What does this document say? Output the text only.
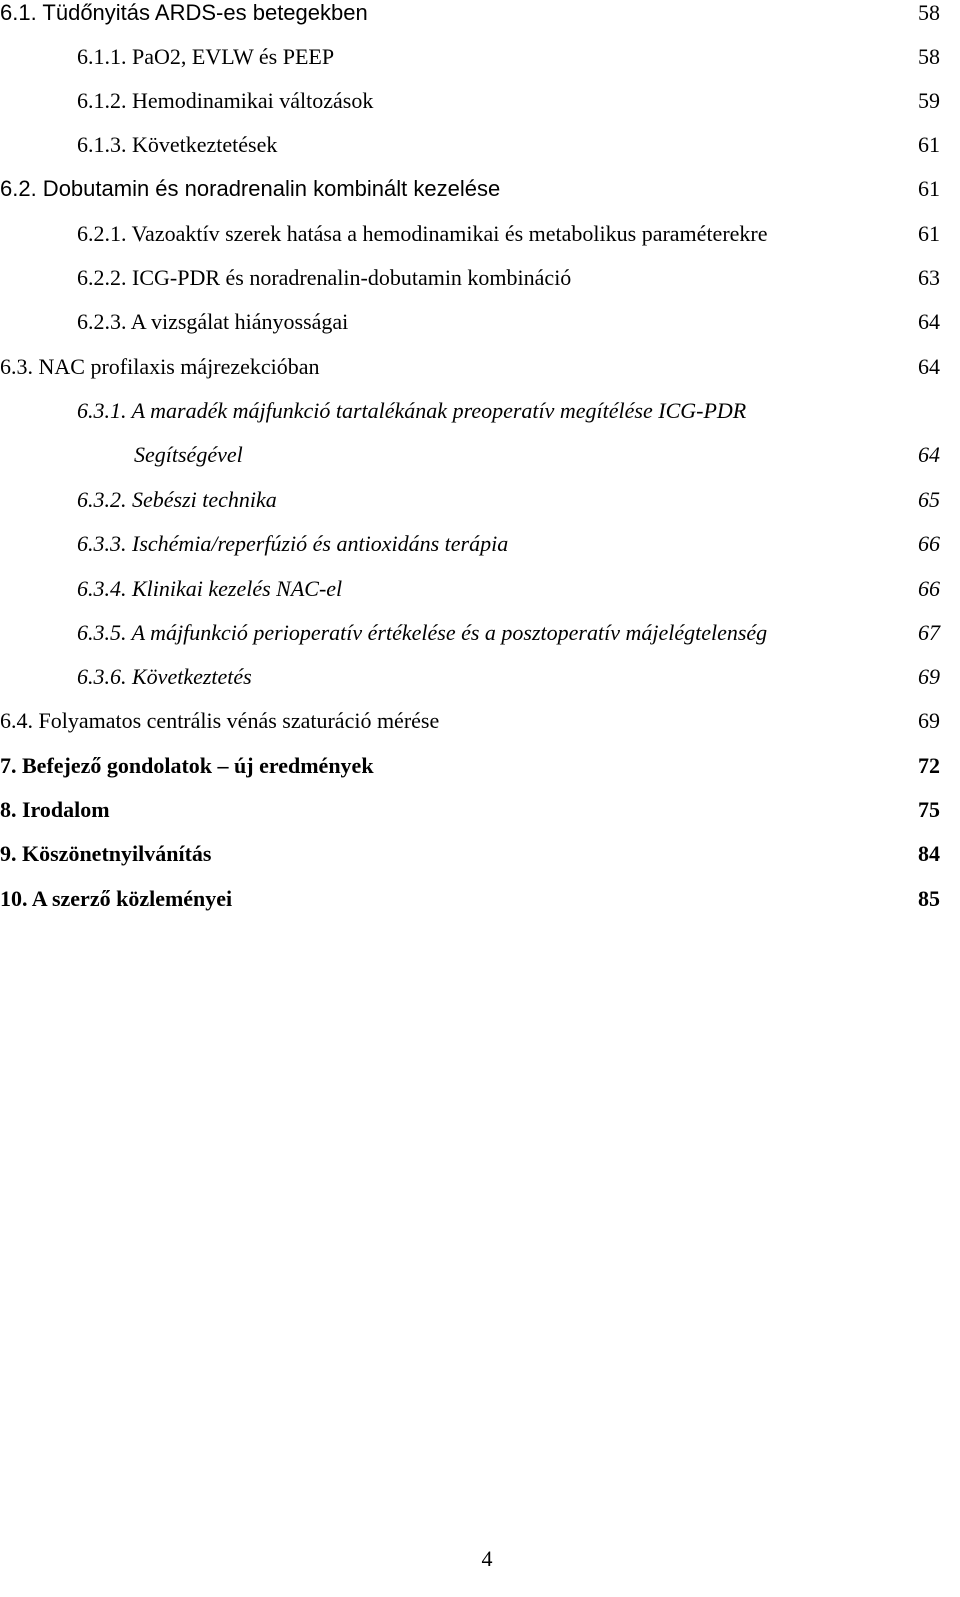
6.1. Tüdőnyitás ARDS-es betegekben	58
6.1.1. PaO2, EVLW és PEEP	58
6.1.2. Hemodinamikai változások	59
6.1.3. Következtetések	61
6.2. Dobutamin és noradrenalin kombinált kezelése	61
6.2.1. Vazoaktív szerek hatása a hemodinamikai és metabolikus paraméterekre	61
6.2.2. ICG-PDR és noradrenalin-dobutamin kombináció	63
6.2.3. A vizsgálat hiányosságai	64
6.3. NAC profilaxis májrezekcióban	64
6.3.1. A maradék májfunkció tartalékának preoperatív megítélése ICG-PDR
Segítségével	64
6.3.2. Sebészi technika	65
6.3.3. Ischémia/reperfúzió és antioxidáns terápia	66
6.3.4. Klinikai kezelés NAC-el	66
6.3.5. A májfunkció perioperatív értékelése és a posztoperatív májelégtelenség	67
6.3.6. Következtetés	69
6.4. Folyamatos centrális vénás szaturáció mérése	69
7. Befejező gondolatok – új eredmények	72
8. Irodalom	75
9. Köszönetnyilvánítás	84
10. A szerző közleményei	85
4
